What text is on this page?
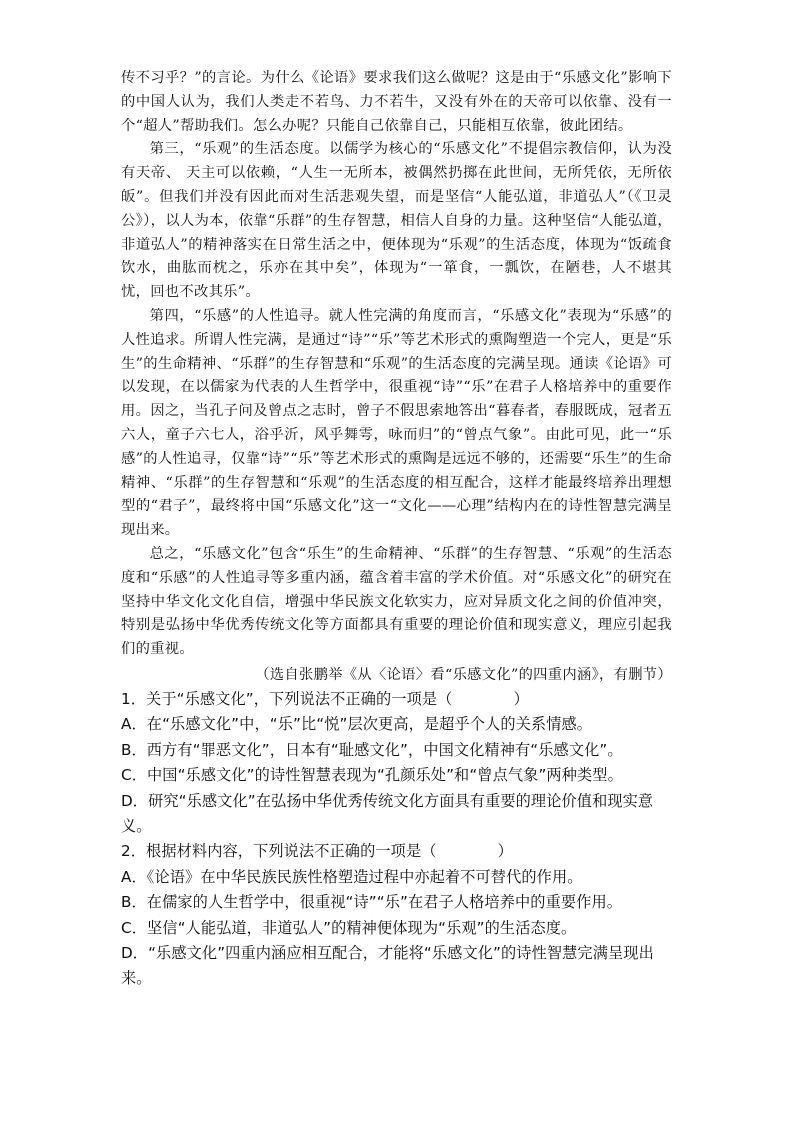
传不习乎？”的言论。为什么《论语》要求我们这么做呢？这是由于“乐感文化”影响下的中国人认为，我们人类走不若鸟、力不若牛，又没有外在的天帝可以依靠、没有一个“超人”帮助我们。怎么办呢？只能自己依靠自己，只能相互依靠，彼此团结。

第三，“乐观”的生活态度。以儒学为核心的“乐感文化”不提倡宗教信仰，认为没有天帝、 天主可以依赖，“人生一无所本，被偶然扔掷在此世间，无所凭依，无所依皈”。但我们并没有因此而对生活悲观失望，而是坚信“人能弘道，非道弘人”（《卫灵公》），以人为本，依靠“乐群”的生存智慧，相信人自身的力量。这种坚信“人能弘道，非道弘人”的精神落实在日常生活之中，便体现为“乐观”的生活态度，体现为“饭疏食饮水，曲肱而枕之，乐亦在其中矣”，体现为“一箪食，一瓢饮，在陋巷，人不堪其忧，回也不改其乐”。

第四，“乐感”的人性追寻。就人性完满的角度而言，“乐感文化”表现为“乐感”的人性追求。所谓人性完满，是通过“诗”“乐”等艺术形式的熏陶塑造一个完人，更是“乐生”的生命精神、“乐群”的生存智慧和“乐观”的生活态度的完满呈现。通读《论语》可以发现，在以儒家为代表的人生哲学中，很重视“诗”“乐”在君子人格培养中的重要作用。因之，当孔子问及曾点之志时，曾子不假思索地答出“暮春者，春服既成，冠者五六人，童子六七人，浴乎沂，风乎舞雩，咏而归”的“曾点气象”。由此可见，此一“乐感”的人性追寻，仅靠“诗”“乐”等艺术形式的熏陶是远远不够的，还需要“乐生”的生命精神、“乐群”的生存智慧和“乐观”的生活态度的相互配合，这样才能最终培养出理想型的“君子”，最终将中国“乐感文化”这一“文化——心理”结构内在的诗性智慧完满呈现出来。

总之，“乐感文化”包含“乐生”的生命精神、“乐群”的生存智慧、“乐观”的生活态度和“乐感”的人性追寻等多重内涵，蕴含着丰富的学术价值。对“乐感文化”的研究在坚持中华文化文化自信，增强中华民族文化软实力，应对异质文化之间的价值冲突，特别是弘扬中华优秀传统文化等方面都具有重要的理论价值和现实意义，理应引起我们的重视。

（选自张鹏举《从〈论语〉看“乐感文化”的四重内涵》，有删节）
1．关于“乐感文化”，下列说法不正确的一项是（　　　　）
A．在“乐感文化”中，“乐”比“悦”层次更高，是超乎个人的关系情感。
B．西方有“罪恶文化”，日本有“耻感文化”，中国文化精神有“乐感文化”。
C．中国“乐感文化”的诗性智慧表现为“孔颜乐处”和“曾点气象”两种类型。
D．研究“乐感文化”在弘扬中华优秀传统文化方面具有重要的理论价值和现实意义。
2．根据材料内容，下列说法不正确的一项是（　　　　）
A．《论语》在中华民族民族性格塑造过程中亦起着不可替代的作用。
B．在儒家的人生哲学中，很重视“诗”“乐”在君子人格培养中的重要作用。
C．坚信“人能弘道，非道弘人”的精神便体现为“乐观”的生活态度。
D．“乐感文化”四重内涵应相互配合，才能将“乐感文化”的诗性智慧完满呈现出来。
